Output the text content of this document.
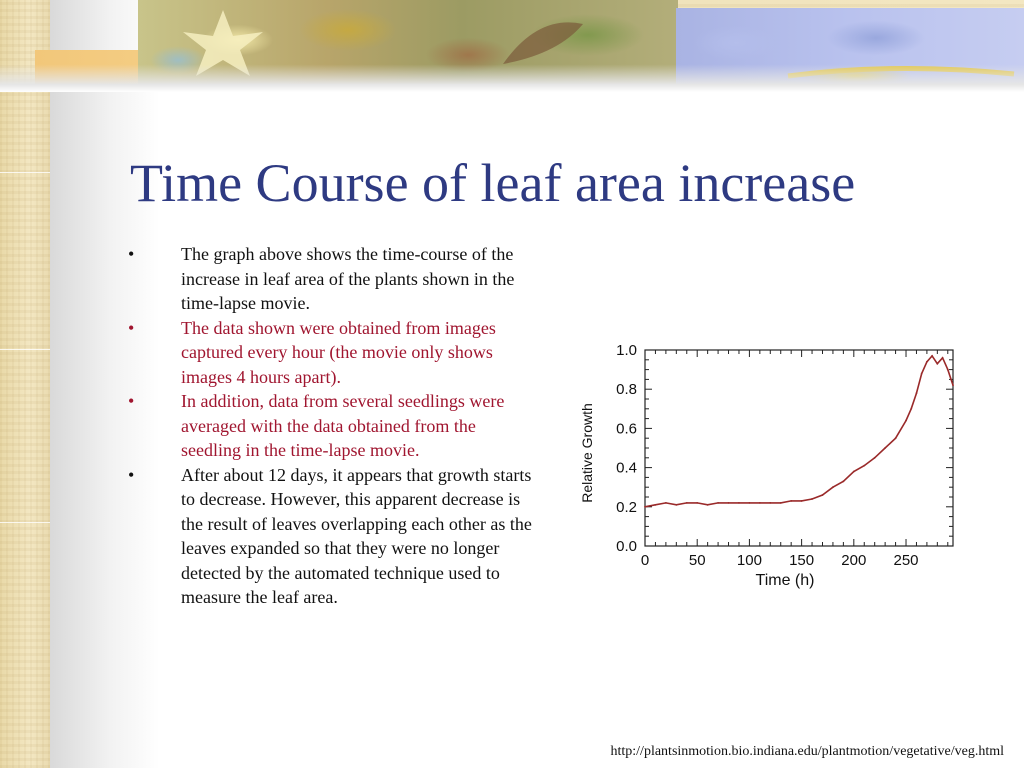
Time Course of leaf area increase
•	The graph above shows the time-course of the increase in leaf area of the plants shown in the time-lapse movie.
•	The data shown were obtained from images captured every hour (the movie only shows images 4 hours apart).
•	In addition, data from several seedlings were averaged with the data obtained from the seedling in the time-lapse movie.
•	After about 12 days, it appears that growth starts to decrease. However, this apparent decrease is the result of leaves overlapping each other as the leaves expanded so that they were no longer detected by the automated technique used to measure the leaf area.
0	50 100 150 200 250
0.0
0.2
0.4
0.6
0.8
1.0
Time (h)
Relative Growth
http://plantsinmotion.bio.indiana.edu/plantmotion/vegetative/veg.html
